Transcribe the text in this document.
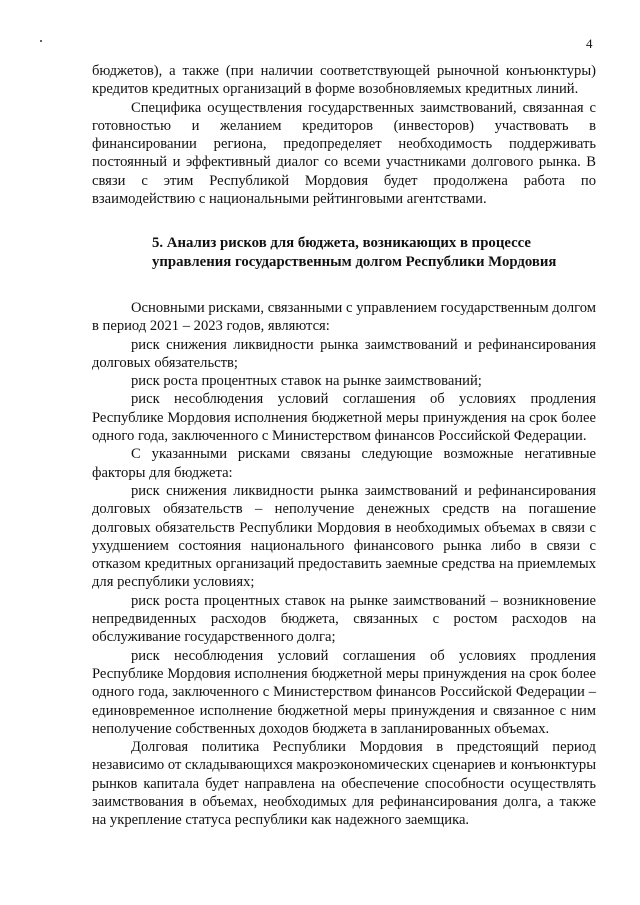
4

бюджетов), а также (при наличии соответствующей рыночной конъюнктуры) кредитов кредитных организаций в форме возобновляемых кредитных линий.

Специфика осуществления государственных заимствований, связанная с готовностью и желанием кредиторов (инвесторов) участвовать в финансировании региона, предопределяет необходимость поддерживать постоянный и эффективный диалог со всеми участниками долгового рынка. В связи с этим Республикой Мордовия будет продолжена работа по взаимодействию с национальными рейтинговыми агентствами.

5. Анализ рисков для бюджета, возникающих в процессе
управления государственным долгом Республики Мордовия

Основными рисками, связанными с управлением государственным долгом в период 2021 – 2023 годов, являются:

риск снижения ликвидности рынка заимствований и рефинансирования долговых обязательств;

риск роста процентных ставок на рынке заимствований;

риск несоблюдения условий соглашения об условиях продления Республике Мордовия исполнения бюджетной меры принуждения на срок более одного года, заключенного с Министерством финансов Российской Федерации.

С указанными рисками связаны следующие возможные негативные факторы для бюджета:

риск снижения ликвидности рынка заимствований и рефинансирования долговых обязательств – неполучение денежных средств на погашение долговых обязательств Республики Мордовия в необходимых объемах в связи с ухудшением состояния национального финансового рынка либо в связи с отказом кредитных организаций предоставить заемные средства на приемлемых для республики условиях;

риск роста процентных ставок на рынке заимствований – возникновение непредвиденных расходов бюджета, связанных с ростом расходов на обслуживание государственного долга;

риск несоблюдения условий соглашения об условиях продления Республике Мордовия исполнения бюджетной меры принуждения на срок более одного года, заключенного с Министерством финансов Российской Федерации – единовременное исполнение бюджетной меры принуждения и связанное с ним неполучение собственных доходов бюджета в запланированных объемах.

Долговая политика Республики Мордовия в предстоящий период независимо от складывающихся макроэкономических сценариев и конъюнктуры рынков капитала будет направлена на обеспечение способности осуществлять заимствования в объемах, необходимых для рефинансирования долга, а также на укрепление статуса республики как надежного заемщика.
